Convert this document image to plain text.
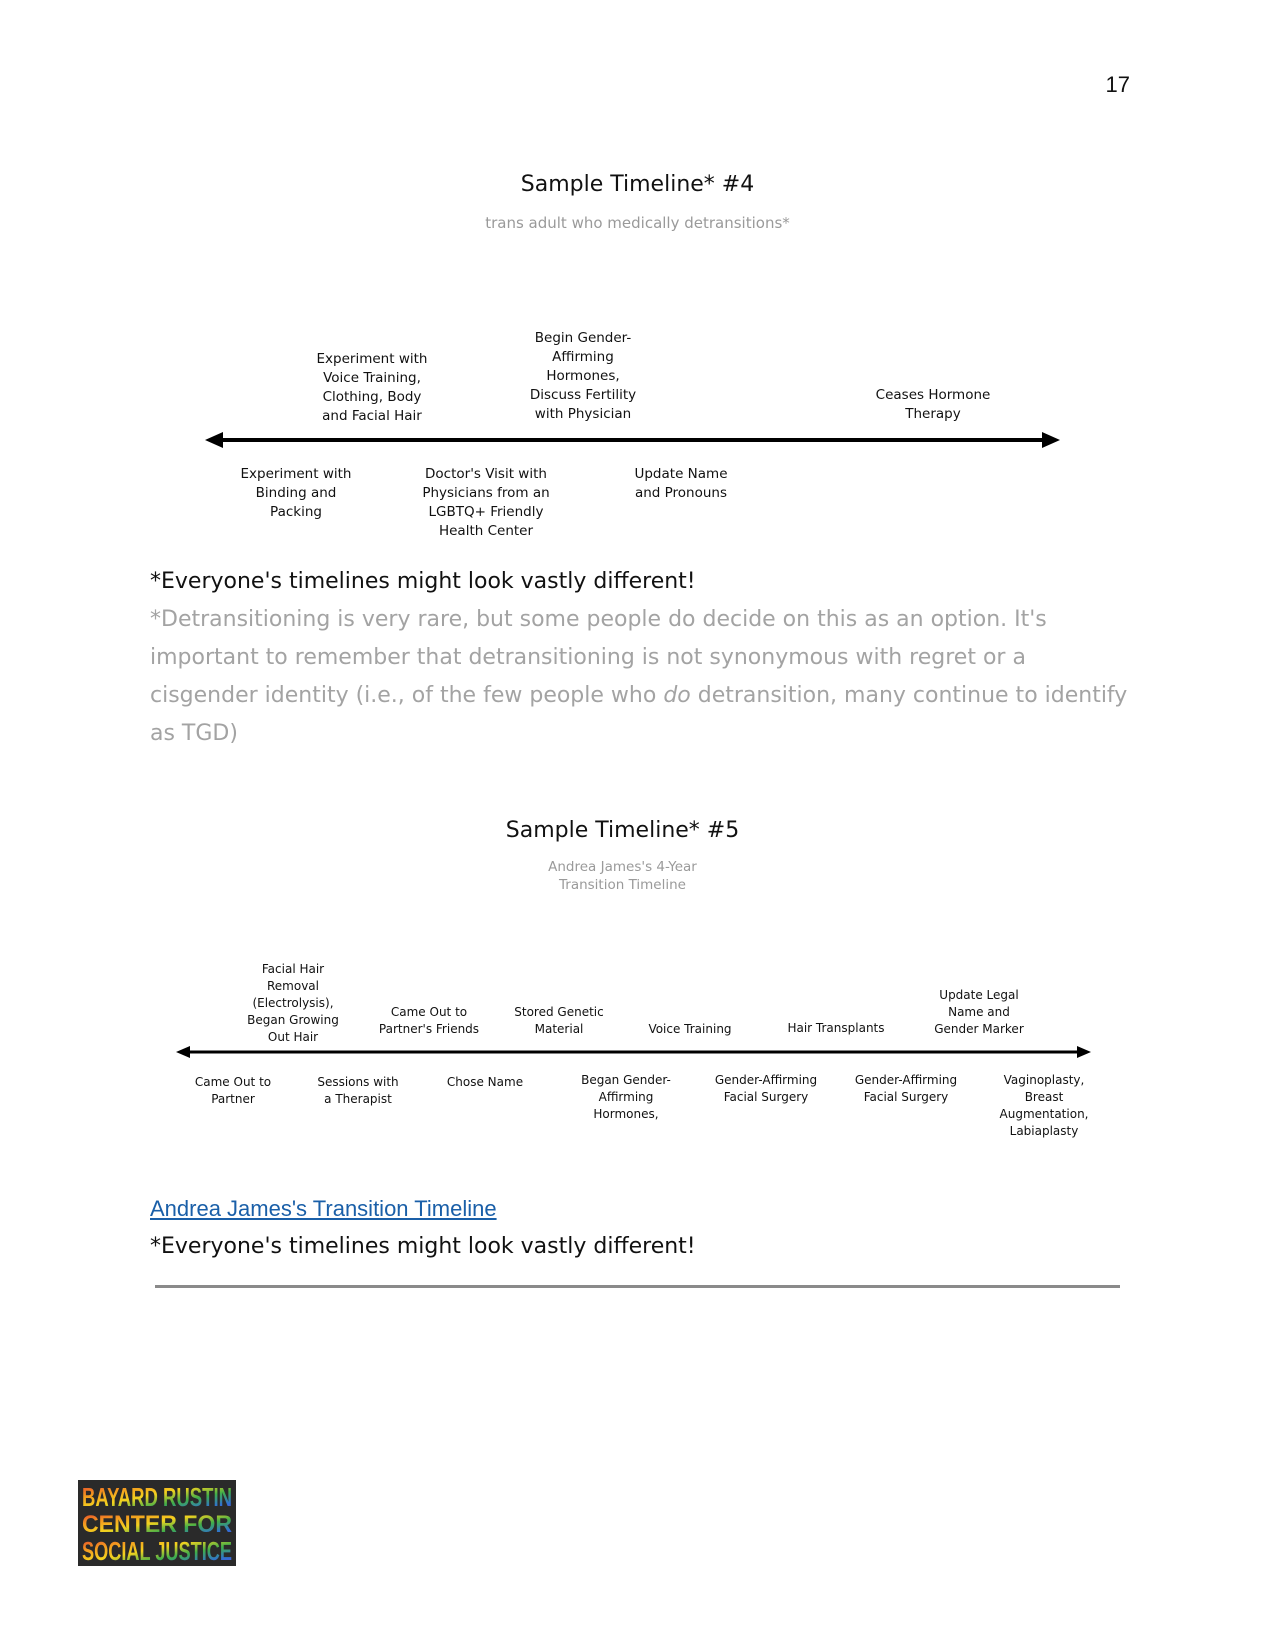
17
Sample Timeline* #4
trans adult who medically detransitions*
Experiment with
Voice Training,
Clothing, Body
and Facial Hair
Begin Gender-
Affirming
Hormones,
Discuss Fertility
with Physician
Ceases Hormone
Therapy
Experiment with
Binding and
Packing
Doctor's Visit with
Physicians from an
LGBTQ+ Friendly
Health Center
Update Name
and Pronouns
*Everyone's timelines might look vastly different!
*Detransitioning is very rare, but some people do decide on this as an option. It's important to remember that detransitioning is not synonymous with regret or a cisgender identity (i.e., of the few people who do detransition, many continue to identify as TGD)
Sample Timeline* #5
Andrea James's 4-Year
Transition Timeline
Facial Hair
Removal
(Electrolysis),
Began Growing
Out Hair
Came Out to
Partner's Friends
Stored Genetic
Material	Voice Training	Hair Transplants
Update Legal
Name and
Gender Marker
Came Out to
Partner
Sessions with
a Therapist
Chose Name	Began Gender-
Affirming
Hormones,
Gender-Affirming
Facial Surgery
Gender-Affirming
Facial Surgery
Vaginoplasty,
Breast
Augmentation,
Labiaplasty
Andrea James's Transition Timeline
*Everyone's timelines might look vastly different!
BAYARD RUSTIN
CENTER FOR
SOCIAL JUSTICE
